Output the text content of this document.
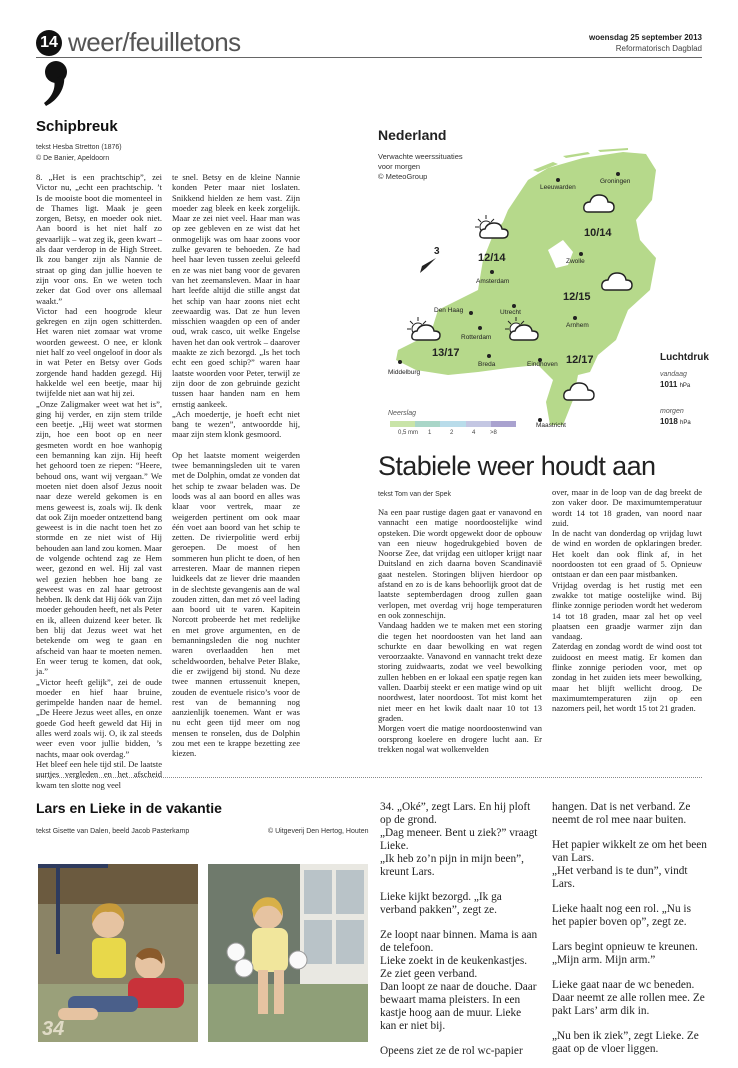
14 weer/feuilletons	woensdag 25 september 2013
Reformatorisch Dagblad
Schipbreuk
tekst Hesba Stretton (1876)
© De Banier, Apeldoorn

8. „Het is een prachtschip”, zei Victor nu, „echt een prachtschip. ’t Is de mooiste boot die momenteel in de Thames ligt. Maak je geen zorgen, Betsy, en moeder ook niet. Aan boord is het niet half zo gevaarlijk – wat zeg ik, geen kwart – als daar verderop in de High Street. Ik zou banger zijn als Nannie de straat op ging dan jullie hoeven te zijn voor ons. En we weten toch zeker dat God over ons allemaal waakt.”

Victor had een hoogrode kleur gekregen en zijn ogen schitterden. Het waren niet zomaar wat vrome woorden geweest. O nee, er klonk niet half zo veel ongeloof in door als in wat Peter en Betsy over Gods zorgende hand hadden gezegd. Hij hakkelde wel een beetje, maar hij twijfelde niet aan wat hij zei.

„Onze Zaligmaker weet wat het is”, ging hij verder, en zijn stem trilde een beetje. „Hij weet wat stormen zijn, hoe een boot op en neer gesmeten wordt en hoe wanhopig een bemanning kan zijn. Hij heeft het gehoord toen ze riepen: “Heere, behoud ons, want wij vergaan.” We moeten niet doen alsof Jezus nooit naar deze wereld gekomen is en mens geweest is, zoals wij. Ik denk dat ook Zijn moeder ontzettend bang geweest is in die nacht toen het zo stormde en ze niet wist of Hij behouden aan land zou komen. Maar de volgende ochtend zag ze Hem weer, gezond en wel. Hij zal vast wel gezien hebben hoe bang ze geweest was en zal haar getroost hebben. Ik denk dat Hij óók van Zijn moeder gehouden heeft, net als Peter en ik, alleen duizend keer beter. Ik ben blij dat Jezus weet wat het betekende om weg te gaan en afscheid van haar te moeten nemen. En weer terug te komen, dat ook, ja.”

„Victor heeft gelijk”, zei de oude moeder en hief haar bruine, gerimpelde handen naar de hemel. „De Heere Jezus weet alles, en onze goede God heeft geweld dat Hij in alles werd zoals wij. O, ik zal steeds weer even voor jullie bidden, ’s nachts, maar ook overdag.”

Het bleef een hele tijd stil. De laatste uurtjes vergleden en het afscheid kwam ten slotte nog veel

te snel. Betsy en de kleine Nannie konden Peter maar niet loslaten. Snikkend hielden ze hem vast. Zijn moeder zag bleek en keek zorgelijk. Maar ze zei niet veel. Haar man was op zee gebleven en ze wist dat het onmogelijk was om haar zoons voor zulke gevaren te behoeden. Ze had heel haar leven tussen zeelui geleefd en ze was niet bang voor de gevaren van het zeemansleven. Maar in haar hart leefde altijd die stille angst dat het schip van haar zoons niet echt zeewaardig was. Dat ze hun leven misschien waagden op een of ander oud, wrak casco, uit welke Engelse haven het dan ook vertrok – daarover maakte ze zich bezorgd. „Is het toch echt een goed schip?” waren haar laatste woorden voor Peter, terwijl ze zijn door de zon gebruinde gezicht tussen haar handen nam en hem ernstig aankeek.

„Ach moedertje, je hoeft echt niet bang te wezen”, antwoordde hij, maar zijn stem klonk gesmoord.

Op het laatste moment weigerden twee bemanningsleden uit te varen met de Dolphin, omdat ze vonden dat het schip te zwaar beladen was. De loods was al aan boord en alles was klaar voor vertrek, maar ze weigerden pertinent om ook maar één voet aan boord van het schip te zetten. De rivierpolitie werd erbij geroepen. De moest of hen sommeren hun plicht te doen, of hen arresteren. Maar de mannen riepen luidkeels dat ze liever drie maanden in de slechtste gevangenis aan de wal zouden zitten, dan met zó veel lading aan boord uit te varen. Kapitein Norcott probeerde het met redelijke en met grove argumenten, en de bemanningsleden die nog nuchter waren overlaadden hen met scheldwoorden, behalve Peter Blake, die er zwijgend bij stond. Nu deze twee mannen ertussenuit knepen, zouden de eventuele risico’s voor de rest van de bemanning nog aanzienlijk toenemen. Want er was nu echt geen tijd meer om nog mensen te ronselen, dus de Dolphin zou met een te krappe bezetting zee kiezen.

Nederland
Verwachte weerssituaties
voor morgen
© MeteoGroup
Leeuwarden
Groningen
Zwolle
Amsterdam
Den Haag	Utrecht
Rotterdam
Arnhem
Breda	Eindhoven
Middelburg
Maastricht
10/14
12/14
12/15
13/17
12/17
3
Neerslag
0,5 mm 1	2	4 >8
Luchtdruk
vandaag
1011 hPa
morgen
1018 hPa
Stabiele weer houdt aan
tekst Tom van der Spek

Na een paar rustige dagen gaat er vanavond en vannacht een matige noordoostelijke wind opsteken. Die wordt opgewekt door de opbouw van een nieuw hogedrukgebied boven de Noorse Zee, dat vrijdag een uitloper krijgt naar Duitsland en zich daarna boven Scandinavië gaat nestelen. Storingen blijven hierdoor op afstand en zo is de kans behoorlijk groot dat de laatste septemberdagen droog zullen gaan verlopen, met overdag vrij hoge temperaturen en ook zonneschijn.

Vandaag hadden we te maken met een storing die tegen het noordoosten van het land aan schurkte en daar bewolking en wat regen veroorzaakte. Vanavond en vannacht trekt deze storing zuidwaarts, zodat we veel bewolking zullen hebben en er lokaal een spatje regen kan vallen. Daarbij steekt er een matige wind op uit noordwest, later noordoost. Tot mist komt het niet meer en het kwik daalt naar 10 tot 13 graden.

Morgen voert die matige noordoostenwind van oorsprong koelere en drogere lucht aan. Er trekken nogal wat wolkenvelden

over, maar in de loop van de dag breekt de zon vaker door. De maximumtemperatuur wordt 14 tot 18 graden, van noord naar zuid.

In de nacht van donderdag op vrijdag luwt de wind en worden de opklaringen breder. Het koelt dan ook flink af, in het noordoosten tot een graad of 5. Opnieuw ontstaan er dan een paar mistbanken.

Vrijdag overdag is het rustig met een zwakke tot matige oostelijke wind. Bij flinke zonnige perioden wordt het wederom 14 tot 18 graden, maar zal het op veel plaatsen een graadje warmer zijn dan vandaag.

Zaterdag en zondag wordt de wind oost tot zuidoost en meest matig. Er komen dan flinke zonnige perioden voor, met op zondag in het zuiden iets meer bewolking, maar het blijft wellicht droog. De maximumtemperaturen zijn op een nazomers peil, het wordt 15 tot 21 graden.

Lars en Lieke in de vakantie
tekst Gisette van Dalen, beeld Jacob Pasterkamp	© Uitgeverij Den Hertog, Houten
34

34. „Oké”, zegt Lars. En hij ploft op de grond.
„Dag meneer. Bent u ziek?” vraagt Lieke.
„Ik heb zo’n pijn in mijn been”, kreunt Lars.

Lieke kijkt bezorgd. „Ik ga verband pakken”, zegt ze.

Ze loopt naar binnen. Mama is aan de telefoon.
Lieke zoekt in de keukenkastjes. Ze ziet geen verband.
Dan loopt ze naar de douche. Daar bewaart mama pleisters. In een kastje hoog aan de muur. Lieke kan er niet bij.

Opeens ziet ze de rol wc-papier

hangen. Dat is net verband. Ze neemt de rol mee naar buiten.

Het papier wikkelt ze om het been van Lars.
„Het verband is te dun”, vindt Lars.

Lieke haalt nog een rol. „Nu is het papier boven op”, zegt ze.

Lars begint opnieuw te kreunen. „Mijn arm. Mijn arm.”

Lieke gaat naar de wc beneden. Daar neemt ze alle rollen mee. Ze pakt Lars’ arm dik in.

„Nu ben ik ziek”, zegt Lieke. Ze gaat op de vloer liggen.
